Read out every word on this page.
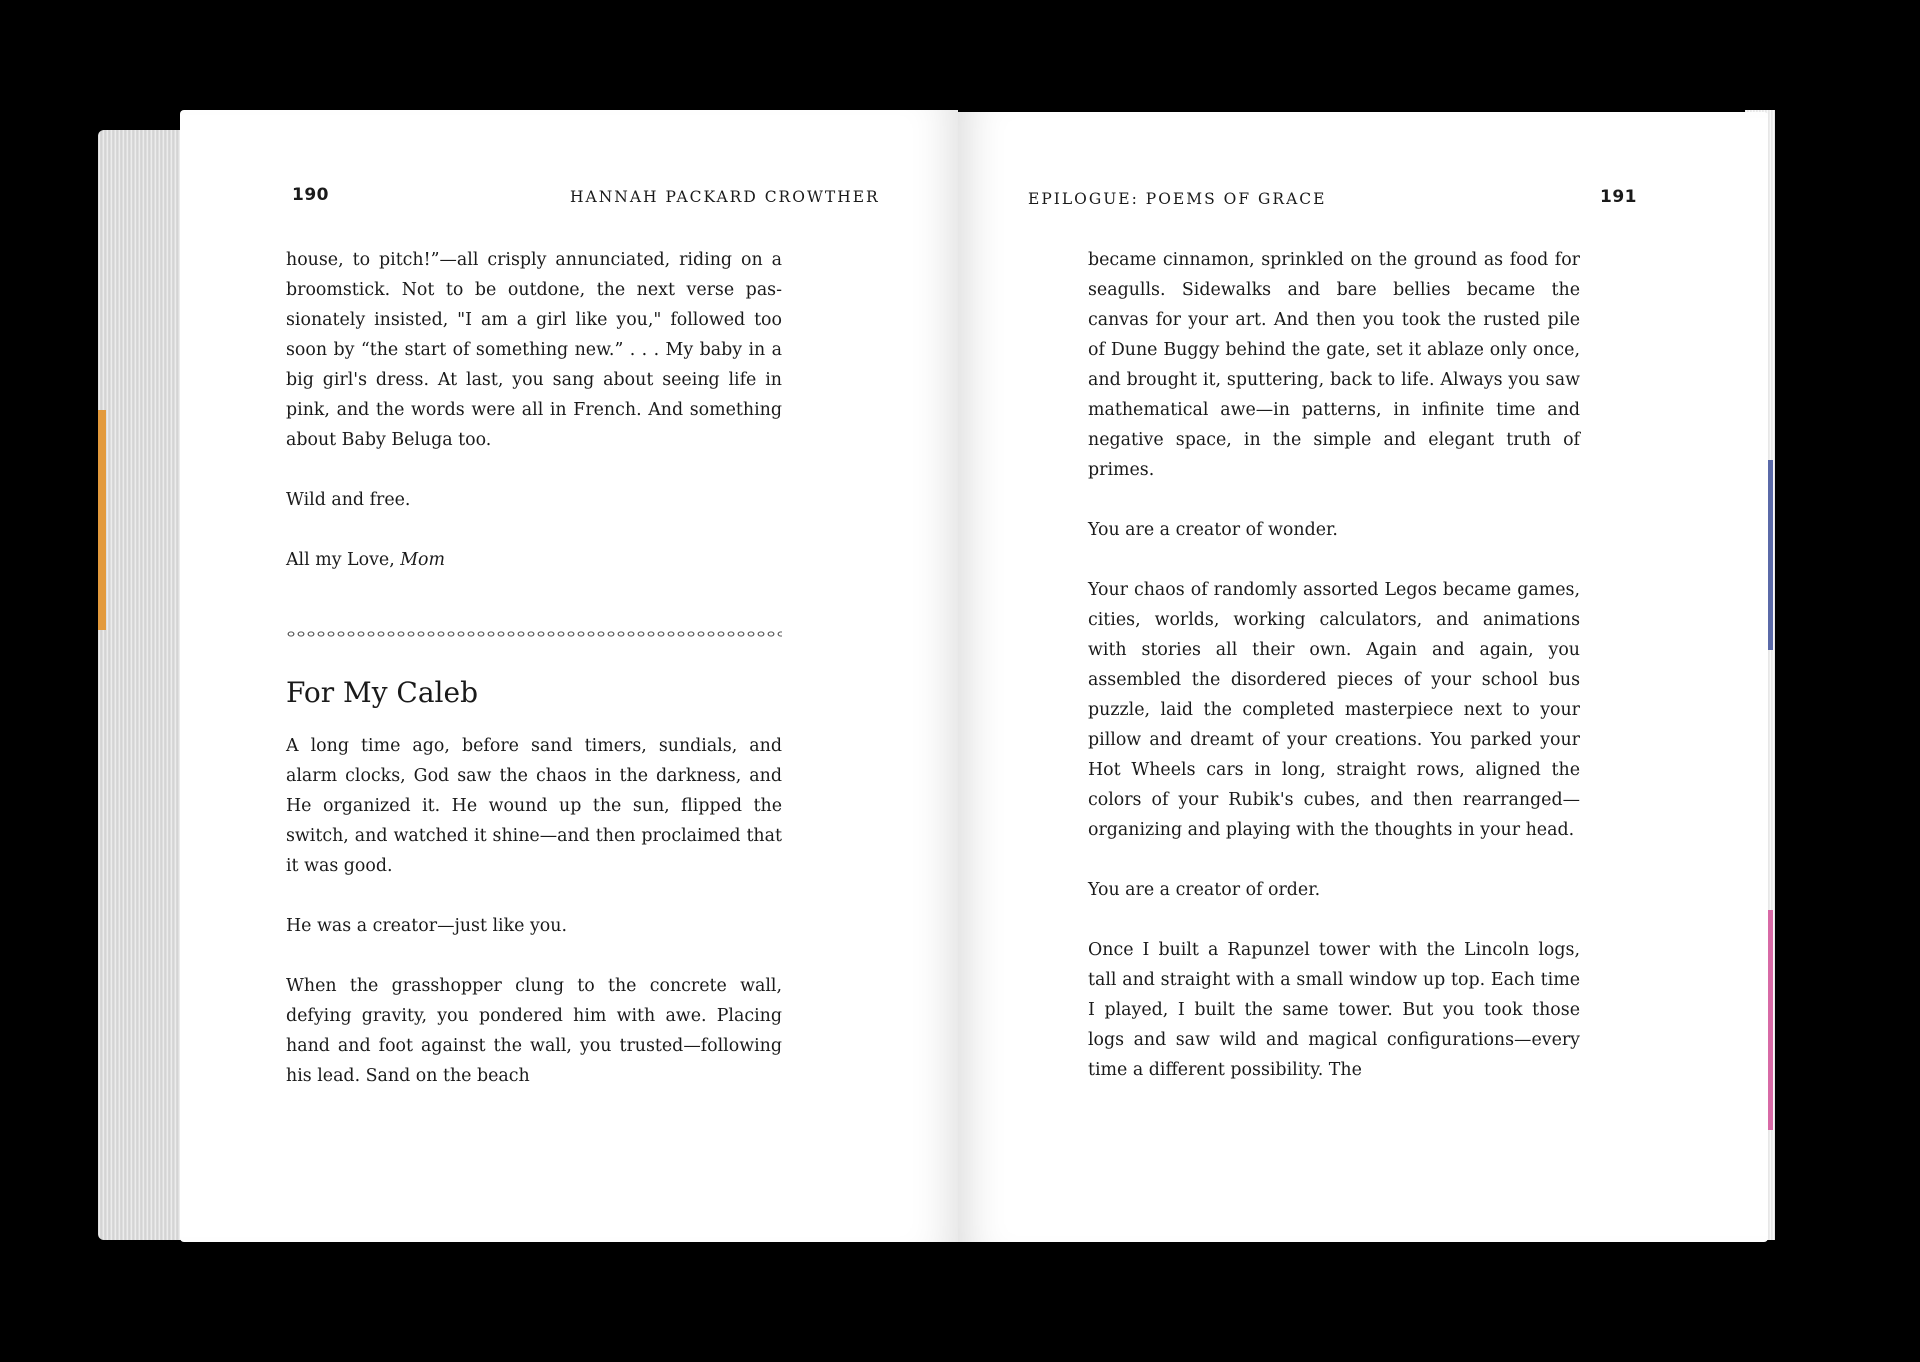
190	HANNAH PACKARD CROWTHER

house, to pitch!”—all crisply annunciated, riding on a broomstick. Not to be outdone, the next verse passionately insisted, "I am a girl like you," followed too soon by “the start of something new.” . . . My baby in a big girl's dress. At last, you sang about seeing life in pink, and the words were all in French. And something about Baby Beluga too.

Wild and free.

All my Love, Mom

For My Caleb

A long time ago, before sand timers, sundials, and alarm clocks, God saw the chaos in the darkness, and He organized it. He wound up the sun, flipped the switch, and watched it shine—and then proclaimed that it was good.

He was a creator—just like you.

When the grasshopper clung to the concrete wall, defying gravity, you pondered him with awe. Placing hand and foot against the wall, you trusted—following his lead. Sand on the beach

EPILOGUE: POEMS OF GRACE	191

became cinnamon, sprinkled on the ground as food for seagulls. Sidewalks and bare bellies became the canvas for your art. And then you took the rusted pile of Dune Buggy behind the gate, set it ablaze only once, and brought it, sputtering, back to life. Always you saw mathematical awe—in patterns, in infinite time and negative space, in the simple and elegant truth of primes.

You are a creator of wonder.

Your chaos of randomly assorted Legos became games, cities, worlds, working calculators, and animations with stories all their own. Again and again, you assembled the disordered pieces of your school bus puzzle, laid the completed masterpiece next to your pillow and dreamt of your creations. You parked your Hot Wheels cars in long, straight rows, aligned the colors of your Rubik's cubes, and then rearranged—organizing and playing with the thoughts in your head.

You are a creator of order.

Once I built a Rapunzel tower with the Lincoln logs, tall and straight with a small window up top. Each time I played, I built the same tower. But you took those logs and saw wild and magical configurations—every time a different possibility. The
